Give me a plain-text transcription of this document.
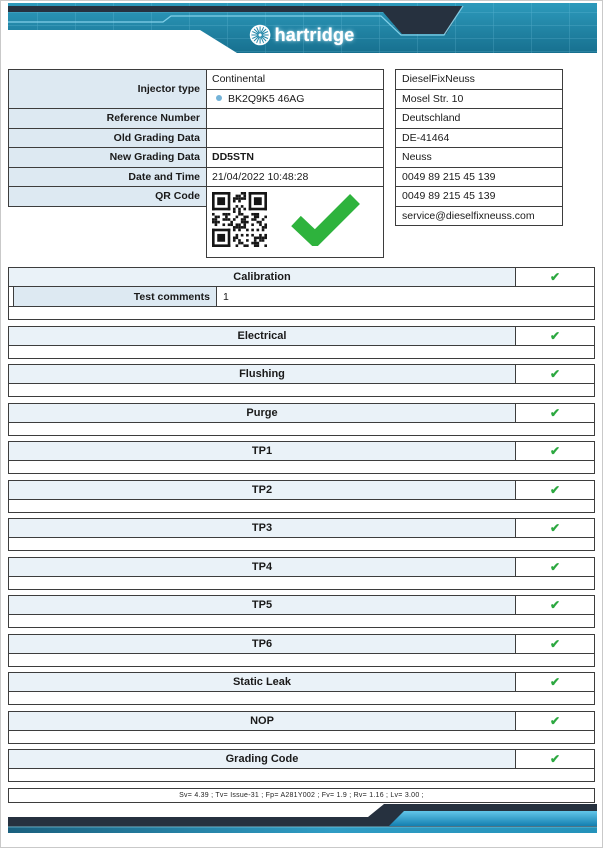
hartridge
Injector type	Continental		DieselFixNeuss
	BK2Q9K5 46AG		Mosel Str. 10
Reference Number			Deutschland
Old Grading Data			DE-41464
New Grading Data	DD5STN		Neuss
Date and Time	21/04/2022 10:48:28		0049 89 215 45 139
QR Code			0049 89 215 45 139
			service@dieselfixneuss.com

Calibration	✔
Test comments	1
Electrical	✔
Flushing	✔
Purge	✔
TP1	✔
TP2	✔
TP3	✔
TP4	✔
TP5	✔
TP6	✔
Static Leak	✔
NOP	✔
Grading Code	✔
Sv= 4.39 ; Tv= Issue-31 ; Fp= A281Y002 ; Fv= 1.9 ; Rv= 1.16 ; Lv= 3.00 ;
